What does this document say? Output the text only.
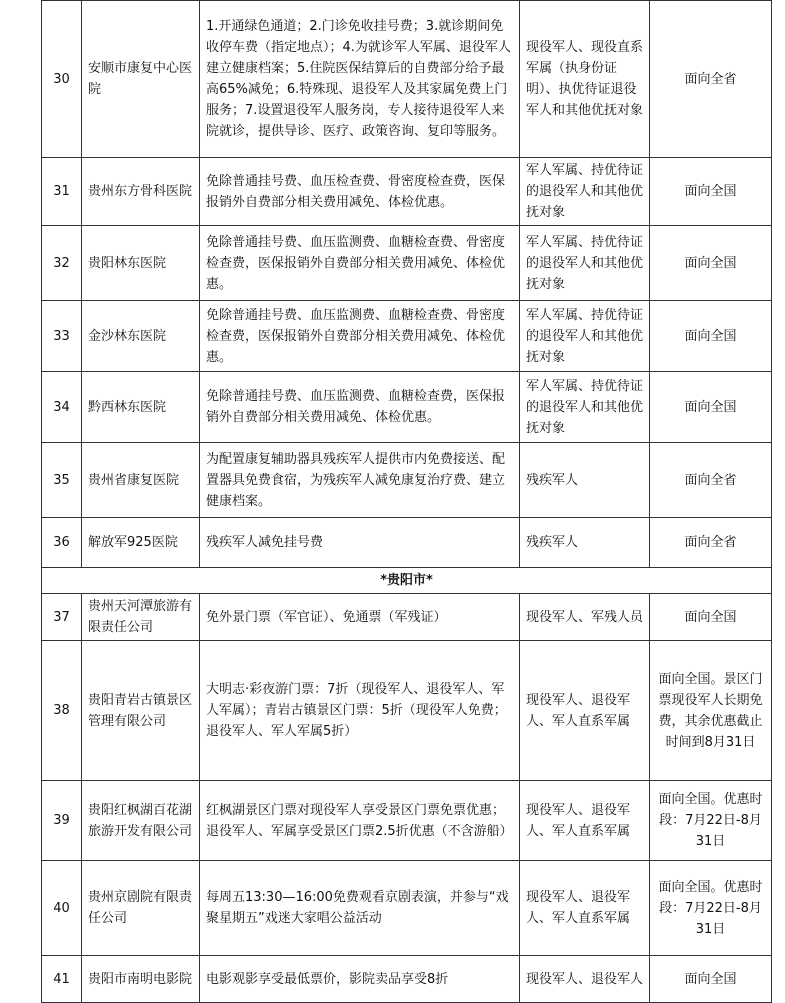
30	安顺市康复中心医院	1.开通绿色通道；2.门诊免收挂号费；3.就诊期间免收停车费（指定地点）；4.为就诊军人军属、退役军人建立健康档案；5.住院医保结算后的自费部分给予最高65%减免；6.特殊现、退役军人及其家属免费上门服务；7.设置退役军人服务岗，专人接待退役军人来院就诊，提供导诊、医疗、政策咨询、复印等服务。	现役军人、现役直系军属（执身份证明）、执优待证退役军人和其他优抚对象	面向全省
31	贵州东方骨科医院	免除普通挂号费、血压检查费、骨密度检查费，医保报销外自费部分相关费用减免、体检优惠。	军人军属、持优待证的退役军人和其他优抚对象	面向全国
32	贵阳林东医院	免除普通挂号费、血压监测费、血糖检查费、骨密度检查费，医保报销外自费部分相关费用减免、体检优惠。	军人军属、持优待证的退役军人和其他优抚对象	面向全国
33	金沙林东医院	免除普通挂号费、血压监测费、血糖检查费、骨密度检查费，医保报销外自费部分相关费用减免、体检优惠。	军人军属、持优待证的退役军人和其他优抚对象	面向全国
34	黔西林东医院	免除普通挂号费、血压监测费、血糖检查费，医保报销外自费部分相关费用减免、体检优惠。	军人军属、持优待证的退役军人和其他优抚对象	面向全国
35	贵州省康复医院	为配置康复辅助器具残疾军人提供市内免费接送、配置器具免费食宿，为残疾军人减免康复治疗费、建立健康档案。	残疾军人	面向全省
36	解放军925医院	残疾军人减免挂号费	残疾军人	面向全省
*贵阳市*				
37	贵州天河潭旅游有限责任公司	免外景门票（军官证）、免通票（军残证）	现役军人、军残人员	面向全国
38	贵阳青岩古镇景区管理有限公司	大明志·彩夜游门票：7折（现役军人、退役军人、军人军属）；青岩古镇景区门票：5折（现役军人免费；退役军人、军人军属5折）	现役军人、退役军人、军人直系军属	面向全国。景区门票现役军人长期免费，其余优惠截止时间到8月31日
39	贵阳红枫湖百花湖旅游开发有限公司	红枫湖景区门票对现役军人享受景区门票免票优惠；退役军人、军属享受景区门票2.5折优惠（不含游船）	现役军人、退役军人、军人直系军属	面向全国。优惠时段：7月22日-8月31日
40	贵州京剧院有限责任公司	每周五13:30—16:00免费观看京剧表演，并参与“戏聚星期五”戏迷大家唱公益活动	现役军人、退役军人、军人直系军属	面向全国。优惠时段：7月22日-8月31日
41	贵阳市南明电影院	电影观影享受最低票价，影院卖品享受8折	现役军人、退役军人	面向全国
